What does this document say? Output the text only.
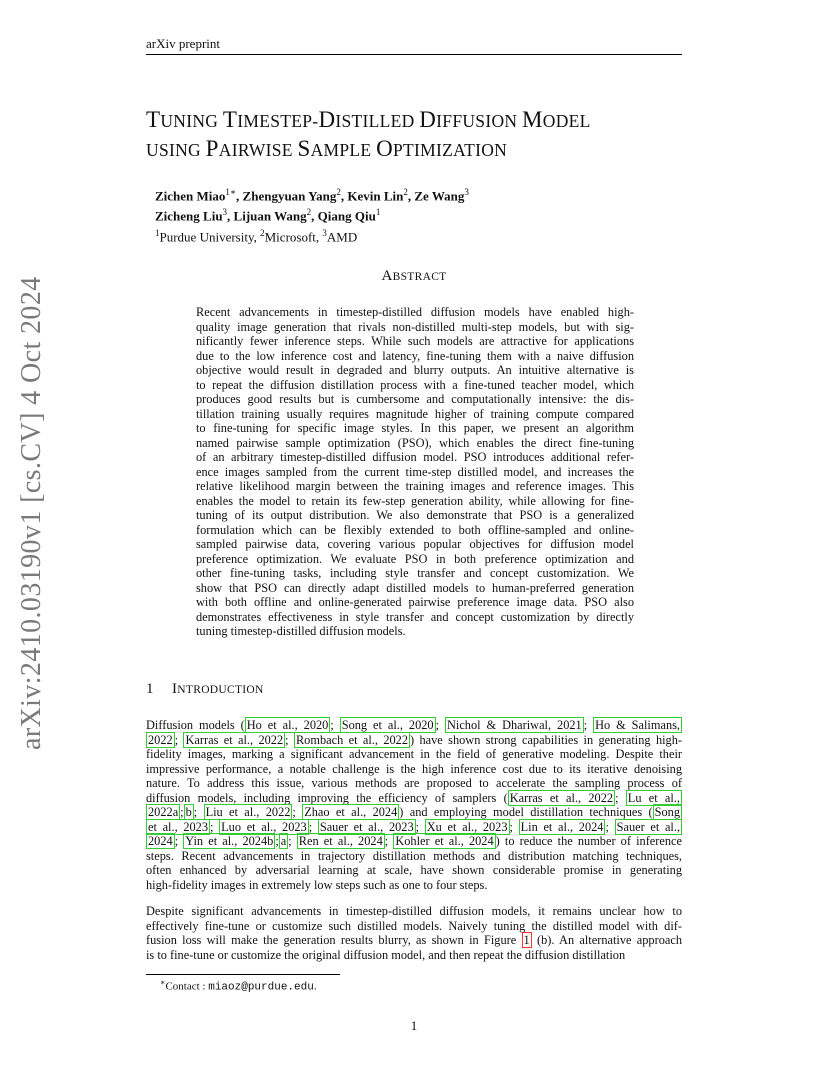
arXiv preprint
TUNING TIMESTEP-DISTILLED DIFFUSION MODEL
USING PAIRWISE SAMPLE OPTIMIZATION
Zichen Miao$^{1∗}$, Zhengyuan Yang$^2$, Kevin Lin$^2$, Ze Wang$^3$
Zicheng Liu$^3$, Lijuan Wang$^2$, Qiang Qiu$^1$
$^1$Purdue University, $^2$Microsoft, $^3$AMD
ABSTRACT
Recent advancements in timestep-distilled diffusion models have enabled high-
quality image generation that rivals non-distilled multi-step models, but with sig-
nificantly fewer inference steps. While such models are attractive for applications
due to the low inference cost and latency, fine-tuning them with a naive diffusion
objective would result in degraded and blurry outputs. An intuitive alternative is
to repeat the diffusion distillation process with a fine-tuned teacher model, which
produces good results but is cumbersome and computationally intensive: the dis-
tillation training usually requires magnitude higher of training compute compared
to fine-tuning for specific image styles. In this paper, we present an algorithm
named pairwise sample optimization (PSO), which enables the direct fine-tuning
of an arbitrary timestep-distilled diffusion model. PSO introduces additional refer-
ence images sampled from the current time-step distilled model, and increases the
relative likelihood margin between the training images and reference images. This
enables the model to retain its few-step generation ability, while allowing for fine-
tuning of its output distribution. We also demonstrate that PSO is a generalized
formulation which can be flexibly extended to both offline-sampled and online-
sampled pairwise data, covering various popular objectives for diffusion model
preference optimization. We evaluate PSO in both preference optimization and
other fine-tuning tasks, including style transfer and concept customization. We
show that PSO can directly adapt distilled models to human-preferred generation
with both offline and online-generated pairwise preference image data. PSO also
demonstrates effectiveness in style transfer and concept customization by directly
tuning timestep-distilled diffusion models.
arXiv:2410.03190v1 [cs.CV] 4 Oct 2024	1 INTRODUCTION
Diffusion models ( Ho et al., 2020 ; Song et al., 2020 ; Nichol & Dhariwal, 2021 ; Ho & Salimans,
2022 ; Karras et al., 2022 ; Rombach et al., 2022 ) have shown strong capabilities in generating high-
fidelity images, marking a significant advancement in the field of generative modeling. Despite their
impressive performance, a notable challenge is the high inference cost due to its iterative denoising
nature. To address this issue, various methods are proposed to accelerate the sampling process of
diffusion models, including improving the efficiency of samplers ( Karras et al., 2022 ; Lu et al.,
2022a ; b ; Liu et al., 2022 ; Zhao et al., 2024 ) and employing model distillation techniques ( Song
et al., 2023 ; Luo et al., 2023 ; Sauer et al., 2023 ; Xu et al., 2023 ; Lin et al., 2024 ; Sauer et al.,
2024 ; Yin et al., 2024b ; a ; Ren et al., 2024 ; Kohler et al., 2024 ) to reduce the number of inference
steps. Recent advancements in trajectory distillation methods and distribution matching techniques,
often enhanced by adversarial learning at scale, have shown considerable promise in generating
high-fidelity images in extremely low steps such as one to four steps.
Despite significant advancements in timestep-distilled diffusion models, it remains unclear how to
effectively fine-tune or customize such distilled models. Naively tuning the distilled model with dif-
fusion loss will make the generation results blurry, as shown in Figure 1 (b). An alternative approach
is to fine-tune or customize the original diffusion model, and then repeat the diffusion distillation
∗Contact : miaoz@purdue.edu.
1
